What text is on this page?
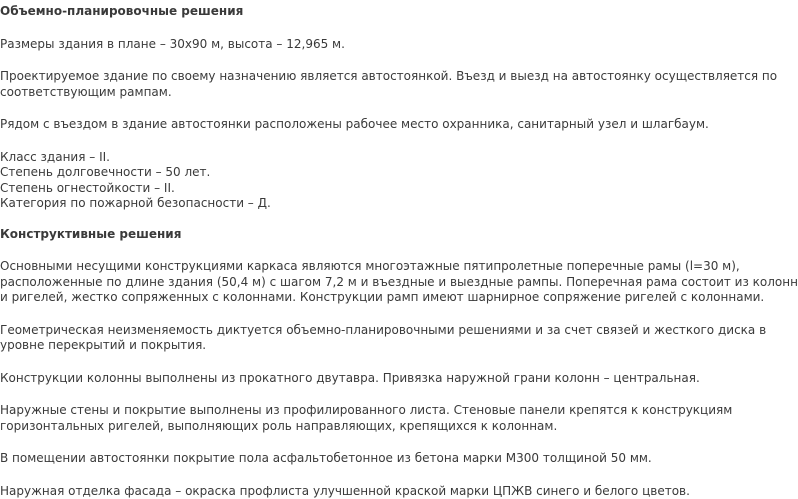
Объемно-планировочные решения

Размеры здания в плане – 30х90 м, высота – 12,965 м.

Проектируемое здание по своему назначению является автостоянкой. Въезд и выезд на автостоянку осуществляется по
соответствующим рампам.

Рядом с въездом в здание автостоянки расположены рабочее место охранника, санитарный узел и шлагбаум.

Класс здания – II.
Степень долговечности – 50 лет.
Степень огнестойкости – II.
Категория по пожарной безопасности – Д.

Конструктивные решения

Основными несущими конструкциями каркаса являются многоэтажные пятипролетные поперечные рамы (l=30 м),
расположенные по длине здания (50,4 м) с шагом 7,2 м и въездные и выездные рампы. Поперечная рама состоит из колонн
и ригелей, жестко сопряженных с колоннами. Конструкции рамп имеют шарнирное сопряжение ригелей с колоннами.

Геометрическая неизменяемость диктуется объемно-планировочными решениями и за счет связей и жесткого диска в
уровне перекрытий и покрытия.

Конструкции колонны выполнены из прокатного двутавра. Привязка наружной грани колонн – центральная.

Наружные стены и покрытие выполнены из профилированного листа. Стеновые панели крепятся к конструкциям
горизонтальных ригелей, выполняющих роль направляющих, крепящихся к колоннам.

В помещении автостоянки покрытие пола асфальтобетонное из бетона марки М300 толщиной 50 мм.

Наружная отделка фасада – окраска профлиста улучшенной краской марки ЦПЖВ синего и белого цветов.
